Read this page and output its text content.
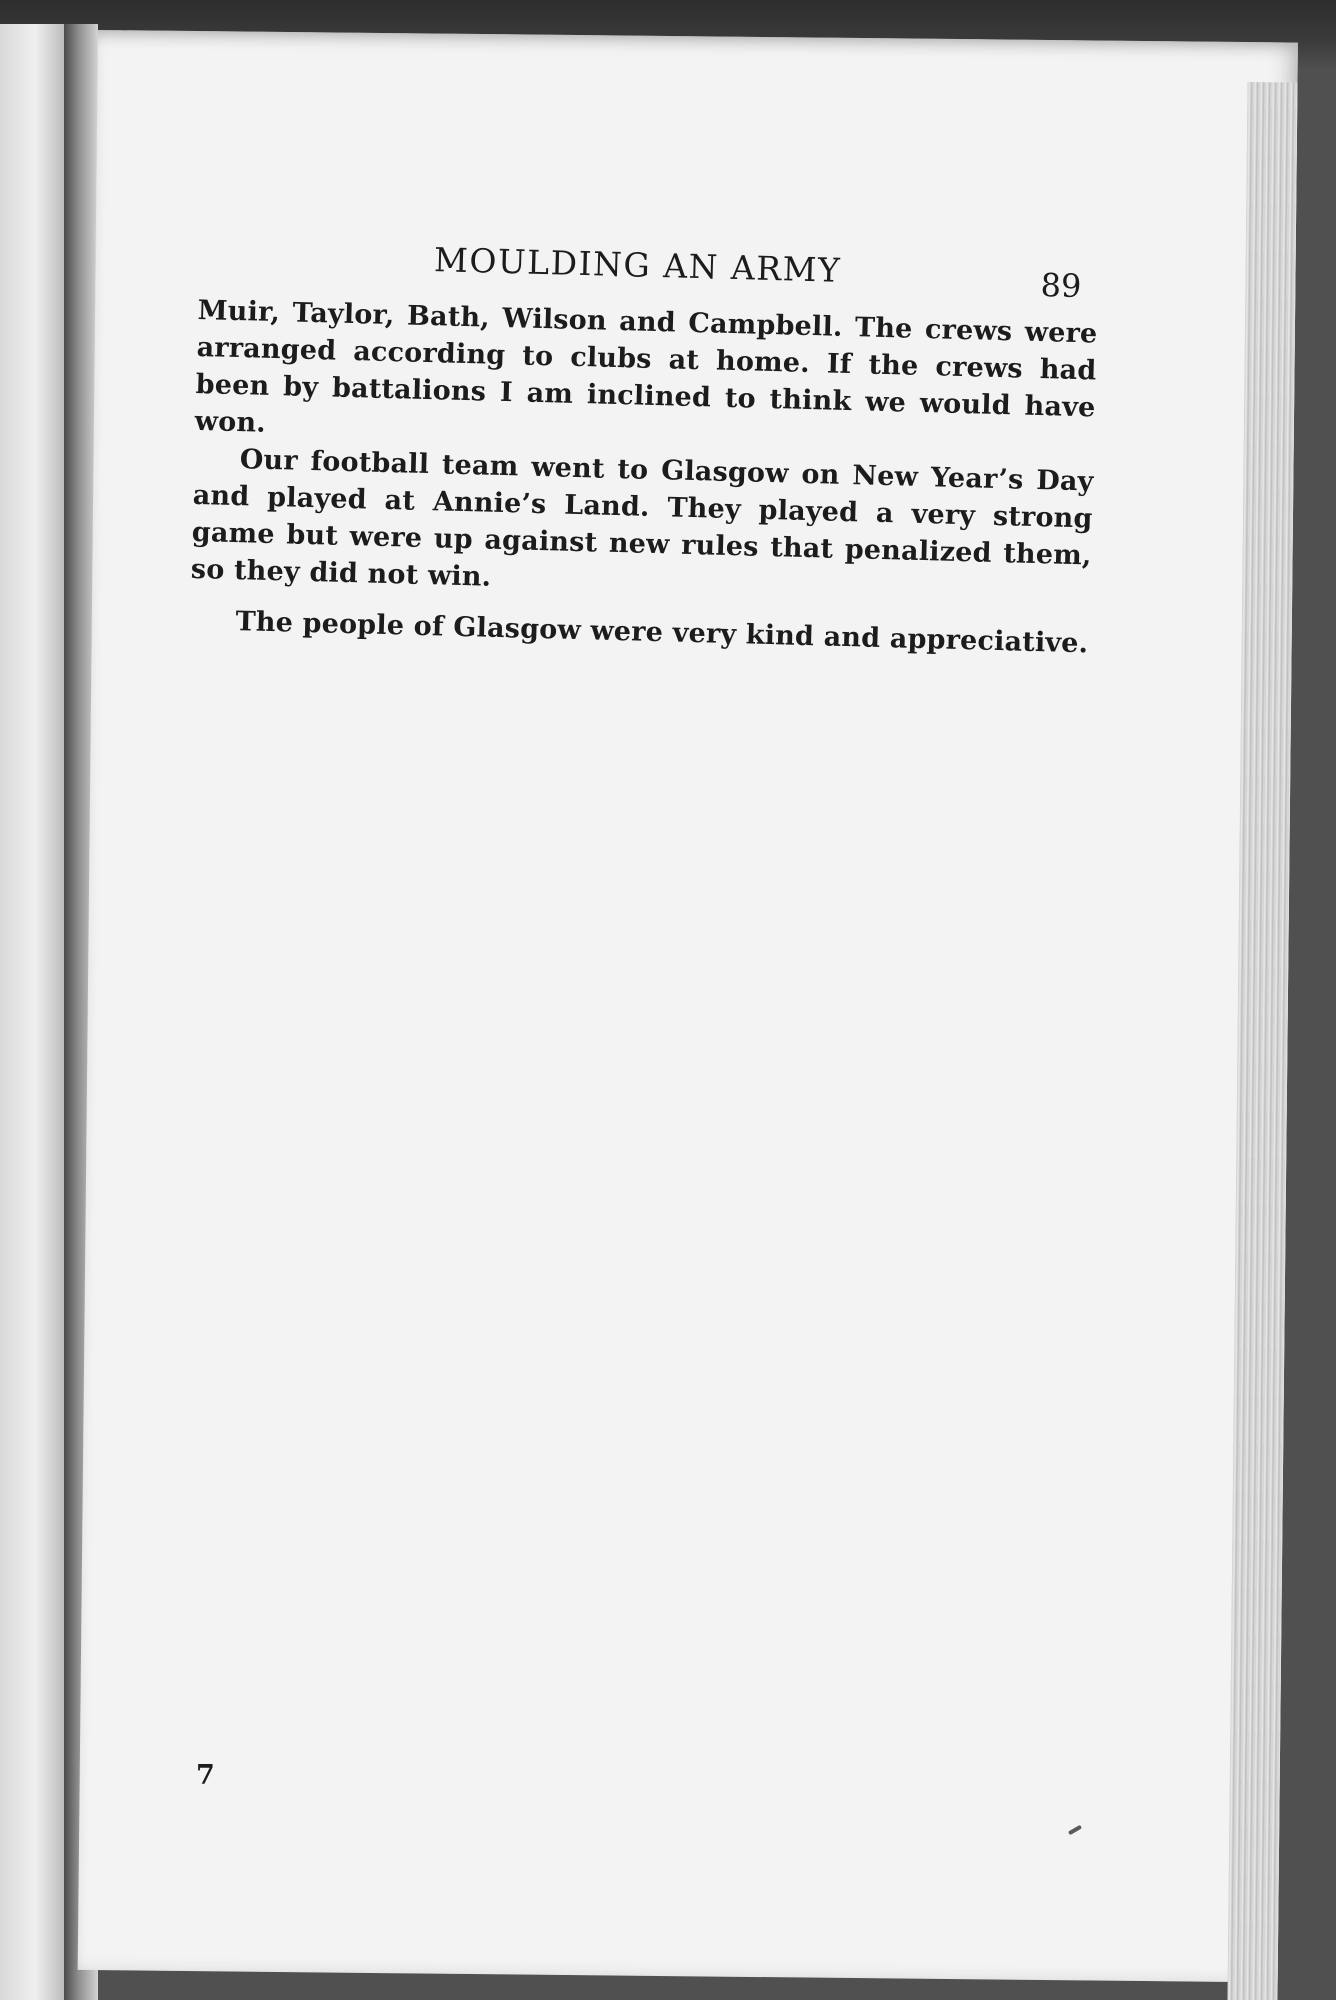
MOULDING AN ARMY	89

Muir, Taylor, Bath, Wilson and Campbell. The crews were arranged according to clubs at home. If the crews had been by battalions I am inclined to think we would have won.

Our football team went to Glasgow on New Year’s Day and played at Annie’s Land. They played a very strong game but were up against new rules that penalized them, so they did not win.

The people of Glasgow were very kind and appreciative.

7
